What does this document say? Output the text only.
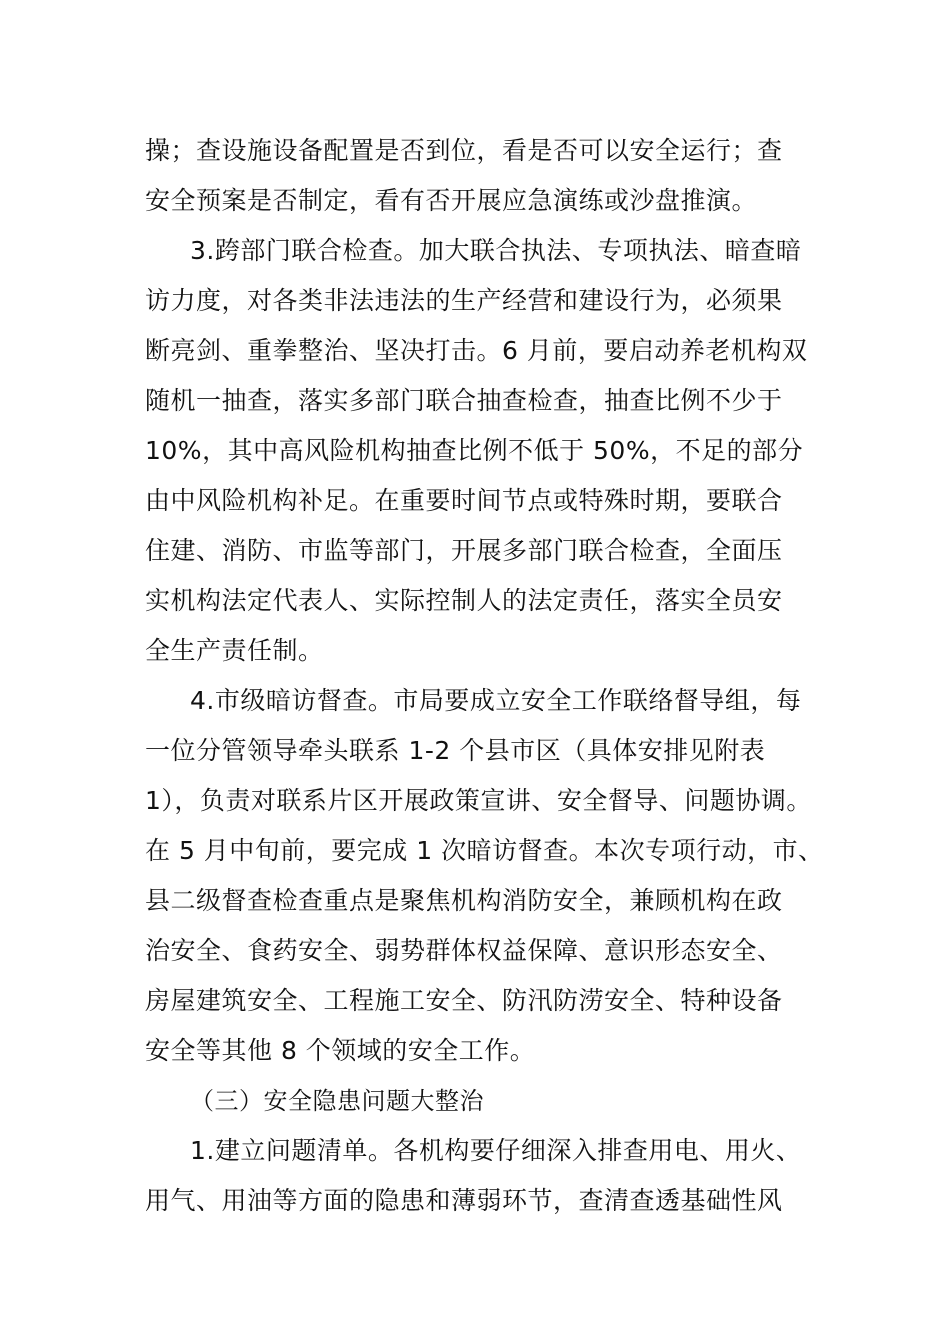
操；查设施设备配置是否到位，看是否可以安全运行；查
安全预案是否制定，看有否开展应急演练或沙盘推演。
3.跨部门联合检查。加大联合执法、专项执法、暗查暗
访力度，对各类非法违法的生产经营和建设行为，必须果
断亮剑、重拳整治、坚决打击。6 月前，要启动养老机构双
随机一抽查，落实多部门联合抽查检查，抽查比例不少于
10%，其中高风险机构抽查比例不低于 50%，不足的部分
由中风险机构补足。在重要时间节点或特殊时期，要联合
住建、消防、市监等部门，开展多部门联合检查，全面压
实机构法定代表人、实际控制人的法定责任，落实全员安
全生产责任制。
4.市级暗访督查。市局要成立安全工作联络督导组，每
一位分管领导牵头联系 1-2 个县市区（具体安排见附表
1），负责对联系片区开展政策宣讲、安全督导、问题协调。
在 5 月中旬前，要完成 1 次暗访督查。本次专项行动，市、
县二级督查检查重点是聚焦机构消防安全，兼顾机构在政
治安全、食药安全、弱势群体权益保障、意识形态安全、
房屋建筑安全、工程施工安全、防汛防涝安全、特种设备
安全等其他 8 个领域的安全工作。
（三）安全隐患问题大整治
1.建立问题清单。各机构要仔细深入排查用电、用火、
用气、用油等方面的隐患和薄弱环节，查清查透基础性风
